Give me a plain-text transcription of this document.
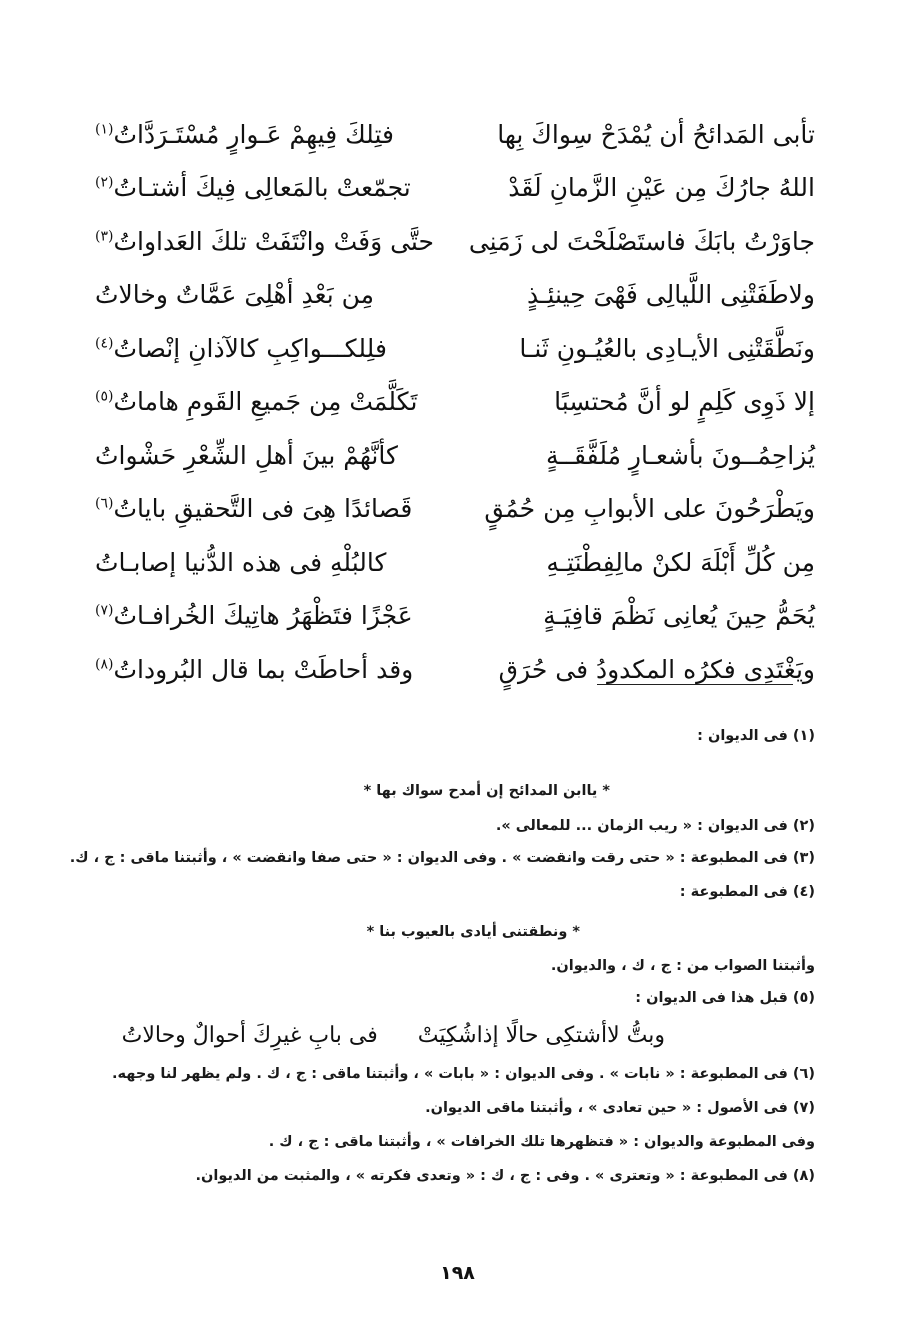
تأبى المَدائحُ أن يُمْدَحْ سِواكَ بِها
فتِلكَ فِيهِمْ عَـوارٍ مُسْتَـرَدَّاتُ$^{(١)}$
اللهُ جارُكَ مِن عَيْنِ الزَّمانِ لَقَدْ
تجمّعتْ بالمَعالِى فِيكَ أشتـاتُ$^{(٢)}$
جاوَرْتُ بابَكَ فاستَصْلَحْتَ لى زَمَنِى
حتَّى وَفَتْ وانْتَفَتْ تلكَ العَداواتُ$^{(٣)}$
ولاطَفَتْنِى اللَّيالِى فَهْىَ حِينئِـذٍ
مِن بَعْدِ أهْلِىَ عَمَّاتٌ وخالاتُ
ونَطَّقَتْنِى الأيـادِى بالعُيُـونِ ثَنـا
فلِلكـــواكِبِ كالآذانِ إنْصاتُ$^{(٤)}$
إلا ذَوِى كَلِمٍ لو أنَّ مُحتسِبًا
تَكَلَّمَتْ مِن جَميعِ القَومِ هاماتُ$^{(٥)}$
يُزاحِمُــونَ بأشعـارٍ مُلَفَّقَــةٍ
كأنَّهُمْ بينَ أهلِ الشِّعْرِ حَشْواتُ
ويَطْرَحُونَ على الأبوابِ مِن حُمُقٍ
قَصائدًا هِىَ فى التَّحقيقِ باياتُ$^{(٦)}$
مِن كُلِّ أَبْلَهَ لكنْ مالِفِطْنَتِـهِ
كالبُلْهِ فى هذه الدُّنيا إصابـاتُ
يُحَمُّ حِينَ يُعانِى نَظْمَ قافِيَـةٍ
عَجْزًا فتَظْهَرُ هاتِيكَ الخُرافـاتُ$^{(٧)}$
ويَغْتَدِى فكرُه المكدودُ فى حُرَقٍ
وقد أحاطَتْ بما قال البُروداتُ$^{(٨)}$
(١) فى الديوان :
* ياابن المدائح إن أمدح سواك بها *
(٢) فى الديوان : « ريب الزمان ... للمعالى ».
(٣) فى المطبوعة : « حتى رقت وانقضت » . وفى الديوان : « حتى صفا وانقضت » ، وأثبتنا ماقى : ج ، ك.
(٤) فى المطبوعة :
* ونطقتنى أيادى بالعيوب بنا *
وأثبتنا الصواب من : ج ، ك ، والديوان.
(٥) قبل هذا فى الديوان :
وبتُّ لاأشتكِى حالًا إذاشُكِيَتْ
فى بابِ غيرِكَ أحوالٌ وحالاتُ
(٦) فى المطبوعة : « نابات » . وفى الديوان : « بابات » ، وأثبتنا ماقى : ج ، ك . ولم يظهر لنا وجهه.
(٧) فى الأصول : « حين تعادى » ، وأثبتنا ماقى الديوان.
وفى المطبوعة والديوان : « فتظهرها تلك الخرافات » ، وأثبتنا ماقى : ج ، ك .
(٨) فى المطبوعة : « وتعترى » . وفى : ج ، ك : « وتعدى فكرته » ، والمثبت من الديوان.
١٩٨
